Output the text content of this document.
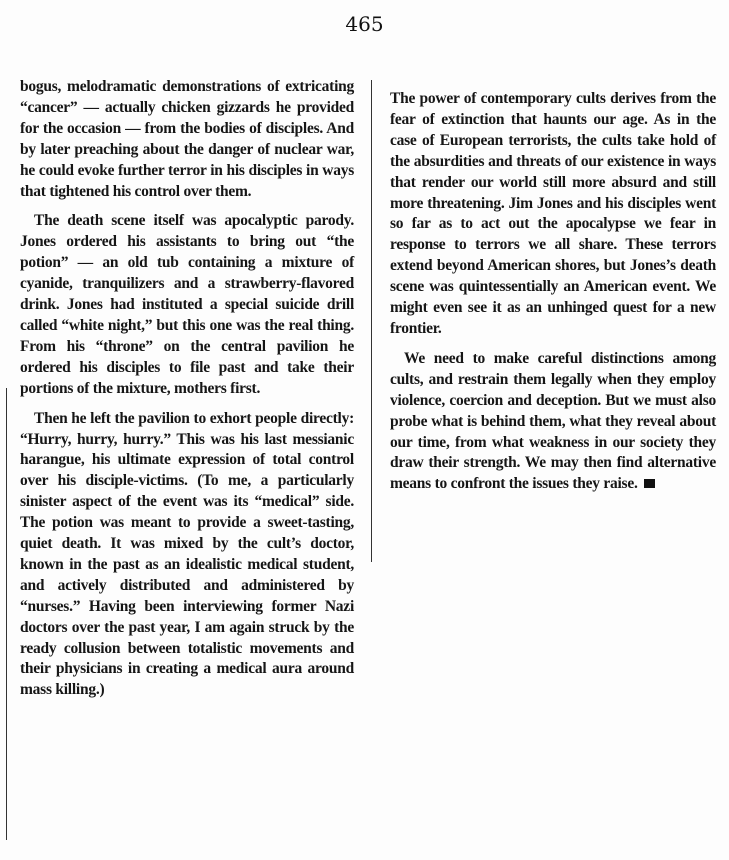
465

bogus, melodramatic demonstrations of extricating “cancer” — actually chicken gizzards he provided for the occasion — from the bodies of disciples. And by later preaching about the danger of nuclear war, he could evoke further terror in his disciples in ways that tightened his control over them.

The death scene itself was apocalyptic parody. Jones ordered his assistants to bring out “the potion” — an old tub containing a mixture of cyanide, tranquilizers and a strawberry-flavored drink. Jones had instituted a special suicide drill called “white night,” but this one was the real thing. From his “throne” on the central pavilion he ordered his disciples to file past and take their portions of the mixture, mothers first.

Then he left the pavilion to exhort people directly: “Hurry, hurry, hurry.” This was his last messianic harangue, his ultimate expression of total control over his disciple-victims. (To me, a particularly sinister aspect of the event was its “medical” side. The potion was meant to provide a sweet-tasting, quiet death. It was mixed by the cult’s doctor, known in the past as an idealistic medical student, and actively distributed and administered by “nurses.” Having been interviewing former Nazi doctors over the past year, I am again struck by the ready collusion between totalistic movements and their physicians in creating a medical aura around mass killing.)

The power of contemporary cults derives from the fear of extinction that haunts our age. As in the case of European terrorists, the cults take hold of the absurdities and threats of our existence in ways that render our world still more absurd and still more threatening. Jim Jones and his disciples went so far as to act out the apocalypse we fear in response to terrors we all share. These terrors extend beyond American shores, but Jones’s death scene was quintessentially an American event. We might even see it as an unhinged quest for a new frontier.

We need to make careful distinctions among cults, and restrain them legally when they employ violence, coercion and deception. But we must also probe what is behind them, what they reveal about our time, from what weakness in our society they draw their strength. We may then find alternative means to confront the issues they raise.
